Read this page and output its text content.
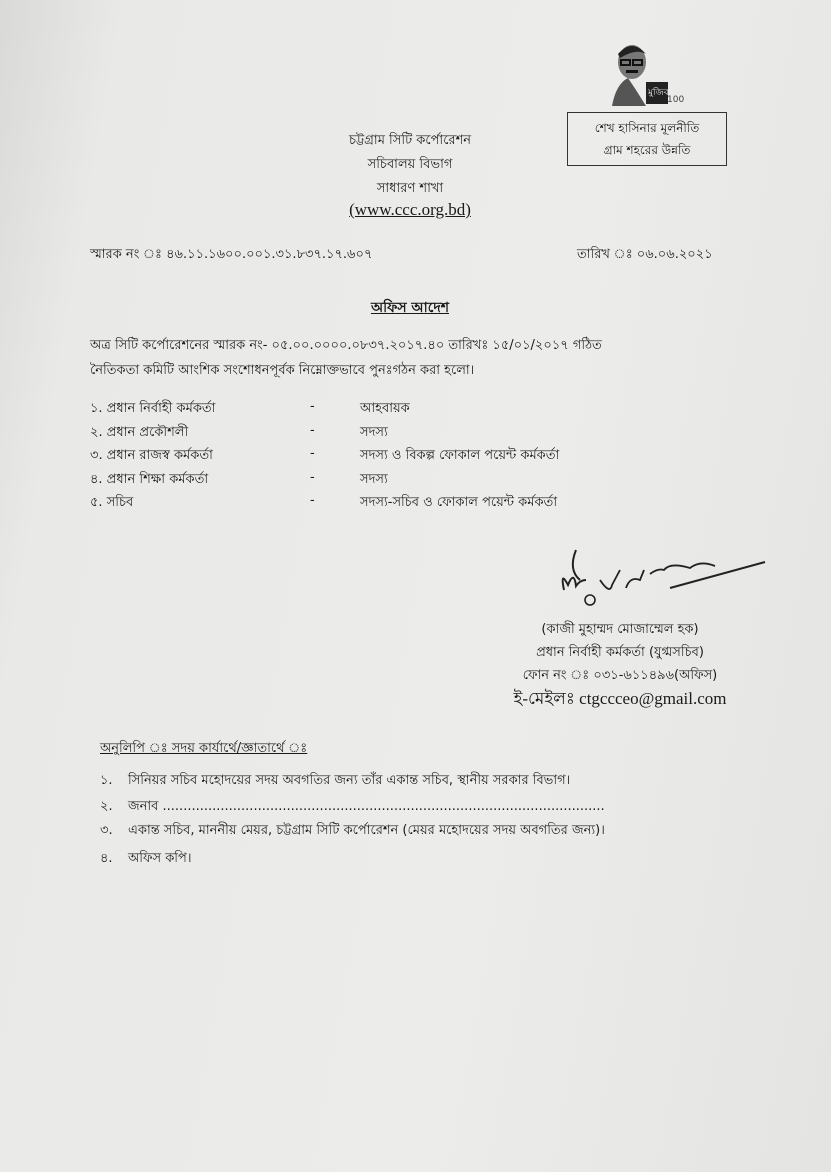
মুজিব
100
শেখ হাসিনার মূলনীতি
গ্রাম শহরের উন্নতি
চট্টগ্রাম সিটি কর্পোরেশন
সচিবালয় বিভাগ
সাধারণ শাখা
(www.ccc.org.bd)
স্মারক নং ঃ ৪৬.১১.১৬০০.০০১.৩১.৮৩৭.১৭.৬০৭	তারিখ ঃ ০৬.০৬.২০২১
অফিস আদেশ
অত্র সিটি কর্পোরেশনের স্মারক নং- ০৫.০০.০০০০.০৮৩৭.২০১৭.৪০ তারিখঃ ১৫/০১/২০১৭ গঠিত
নৈতিকতা কমিটি আংশিক সংশোধনপূর্বক নিম্নোক্তভাবে পুনঃগঠন করা হলো।
১. প্রধান নির্বাহী কর্মকর্তা	-	আহবায়ক
২. প্রধান প্রকৌশলী	-	সদস্য
৩. প্রধান রাজস্ব কর্মকর্তা	-	সদস্য ও বিকল্প ফোকাল পয়েন্ট কর্মকর্তা
৪. প্রধান শিক্ষা কর্মকর্তা	-	সদস্য
৫. সচিব	-	সদস্য-সচিব ও ফোকাল পয়েন্ট কর্মকর্তা
(কাজী মুহাম্মদ মোজাম্মেল হক)
প্রধান নির্বাহী কর্মকর্তা (যুগ্মসচিব)
ফোন নং ঃ ০৩১-৬১১৪৯৬(অফিস)
ই-মেইলঃ ctgccceo@gmail.com
অনুলিপি ঃ সদয় কার্যার্থে/জ্ঞাতার্থে ঃ
১. সিনিয়র সচিব মহোদয়ের সদয় অবগতির জন্য তাঁর একান্ত সচিব, স্থানীয় সরকার বিভাগ।
২. জনাব ...........................................................................................................
৩. একান্ত সচিব, মাননীয় মেয়র, চট্টগ্রাম সিটি কর্পোরেশন (মেয়র মহোদয়ের সদয় অবগতির জন্য)।
৪. অফিস কপি।
